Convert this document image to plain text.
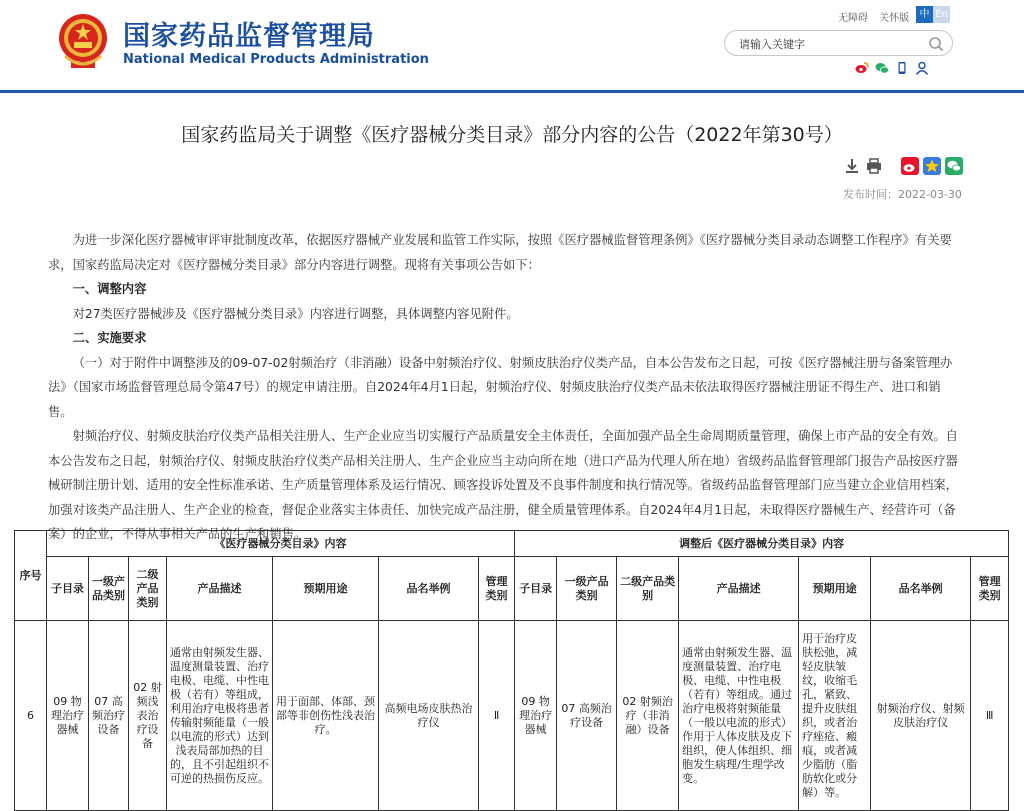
国家药品监督管理局
National Medical Products Administration
无障碍 关怀版	中 En
请输入关键字
国家药监局关于调整《医疗器械分类目录》部分内容的公告（2022年第30号）
发布时间：2022-03-30

为进一步深化医疗器械审评审批制度改革，依据医疗器械产业发展和监管工作实际，按照《医疗器械监督管理条例》《医疗器械分类目录动态调整工作程序》有关要求，国家药监局决定对《医疗器械分类目录》部分内容进行调整。现将有关事项公告如下：

一、调整内容

对27类医疗器械涉及《医疗器械分类目录》内容进行调整，具体调整内容见附件。

二、实施要求

（一）对于附件中调整涉及的09-07-02射频治疗（非消融）设备中射频治疗仪、射频皮肤治疗仪类产品，自本公告发布之日起，可按《医疗器械注册与备案管理办法》（国家市场监督管理总局令第47号）的规定申请注册。自2024年4月1日起，射频治疗仪、射频皮肤治疗仪类产品未依法取得医疗器械注册证不得生产、进口和销售。

射频治疗仪、射频皮肤治疗仪类产品相关注册人、生产企业应当切实履行产品质量安全主体责任，全面加强产品全生命周期质量管理，确保上市产品的安全有效。自本公告发布之日起，射频治疗仪、射频皮肤治疗仪类产品相关注册人、生产企业应当主动向所在地（进口产品为代理人所在地）省级药品监督管理部门报告产品按医疗器械研制注册计划、适用的安全性标准承诺、生产质量管理体系及运行情况、顾客投诉处置及不良事件制度和执行情况等。省级药品监督管理部门应当建立企业信用档案，加强对该类产品注册人、生产企业的检查，督促企业落实主体责任、加快完成产品注册，健全质量管理体系。自2024年4月1日起，未取得医疗器械生产、经营许可（备案）的企业，不得从事相关产品的生产和销售。

序号	《医疗器械分类目录》内容							调整后《医疗器械分类目录》内容						
	子目录	一级产品类别	二级产品类别	产品描述	预期用途	品名举例	管理类别	子目录	一级产品类别	二级产品类别	产品描述	预期用途	品名举例	管理类别
6	09 物理治疗器械	07 高频治疗设备	02 射频浅表治疗设备	通常由射频发生器、温度测量装置、治疗电极、电缆、中性电极（若有）等组成，利用治疗电极将患者传输射频能量（一般以电流的形式）达到浅表局部加热的目的，且不引起组织不可逆的热损伤反应。	用于面部、体部、颈部等非创伤性浅表治疗。	高频电场皮肤热治疗仪	Ⅱ	09 物理治疗器械	07 高频治疗设备	02 射频治疗（非消融）设备	通常由射频发生器、温度测量装置、治疗电极、电缆、中性电极（若有）等组成。通过治疗电极将射频能量（一般以电流的形式）作用于人体皮肤及皮下组织，使人体组织、细胞发生病理/生理学改变。	用于治疗皮肤松弛，减轻皮肤皱纹，收缩毛孔，紧致、提升皮肤组织，或者治疗痤疮、瘢痕，或者减少脂肪（脂肪软化或分解）等。	射频治疗仪、射频皮肤治疗仪	Ⅲ
